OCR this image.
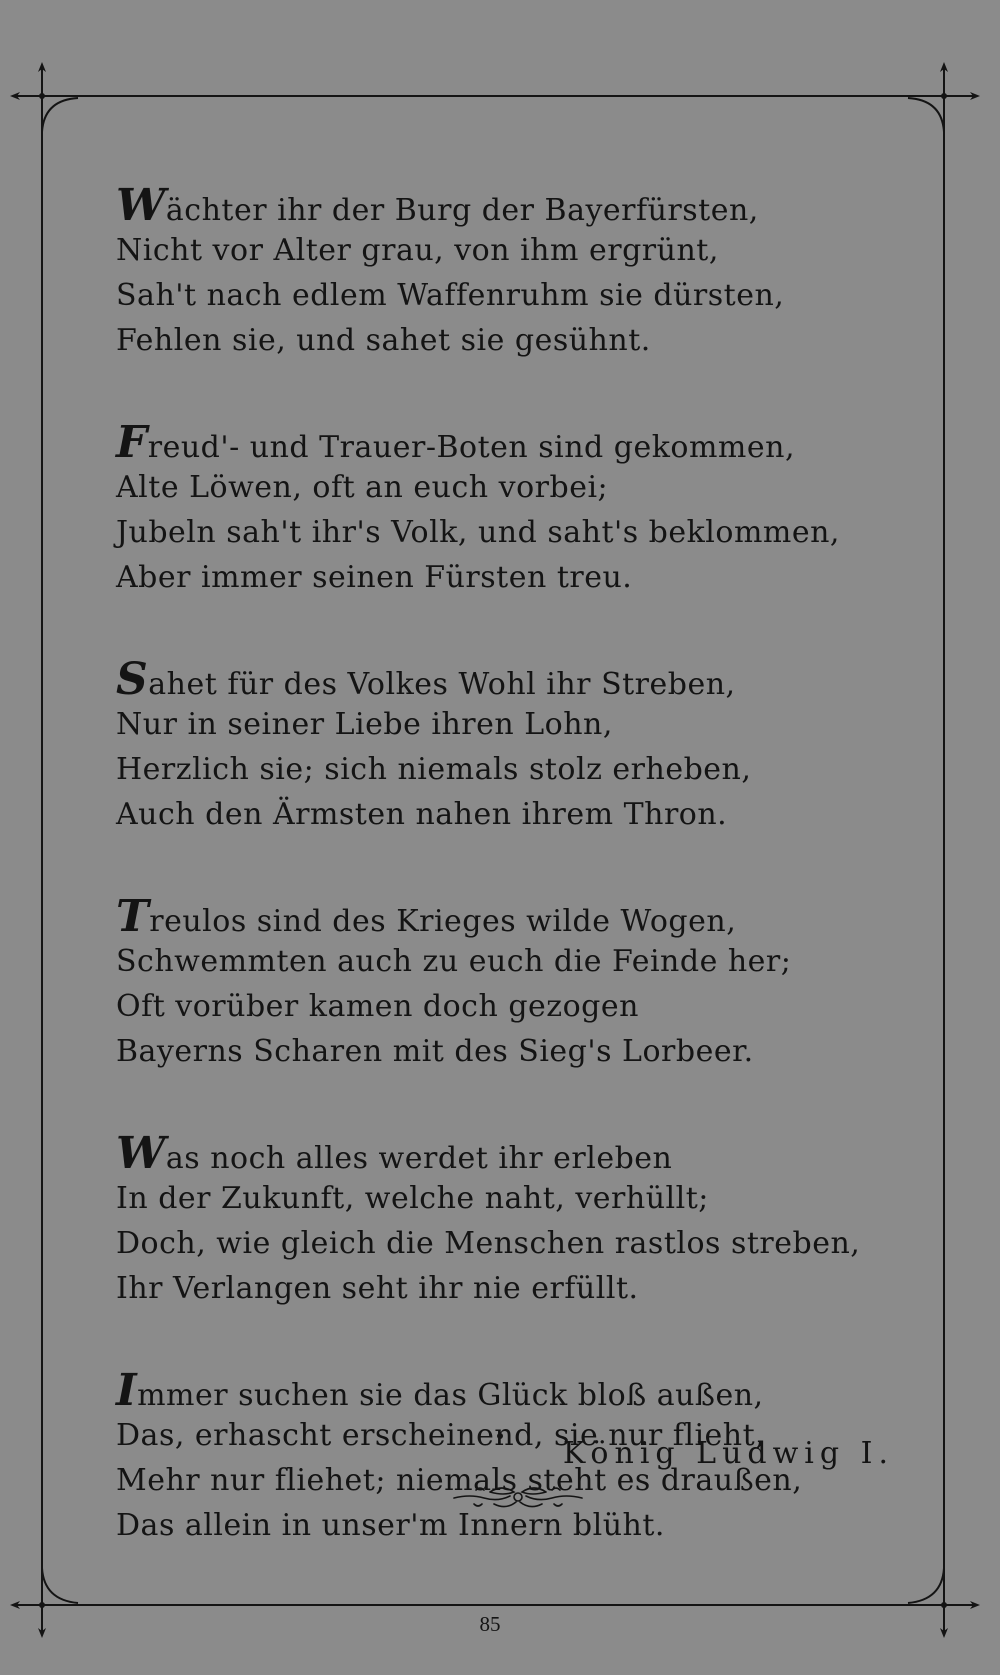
Wächter ihr der Burg der Bayerfürsten,
Nicht vor Alter grau, von ihm ergrünt,
Sah't nach edlem Waffenruhm sie dürsten,
Fehlen sie, und sahet sie gesühnt.
Freud'- und Trauer-Boten sind gekommen,
Alte Löwen, oft an euch vorbei;
Jubeln sah't ihr's Volk, und saht's beklommen,
Aber immer seinen Fürsten treu.
Sahet für des Volkes Wohl ihr Streben,
Nur in seiner Liebe ihren Lohn,
Herzlich sie; sich niemals stolz erheben,
Auch den Ärmsten nahen ihrem Thron.
Treulos sind des Krieges wilde Wogen,
Schwemmten auch zu euch die Feinde her;
Oft vorüber kamen doch gezogen
Bayerns Scharen mit des Sieg's Lorbeer.
Was noch alles werdet ihr erleben
In der Zukunft, welche naht, verhüllt;
Doch, wie gleich die Menschen rastlos streben,
Ihr Verlangen seht ihr nie erfüllt.
Immer suchen sie das Glück bloß außen,
Das, erhascht erscheinend, sie nur flieht,
Mehr nur fliehet; niemals steht es draußen,
Das allein in unser'm Innern blüht.
König Ludwig I.
85
